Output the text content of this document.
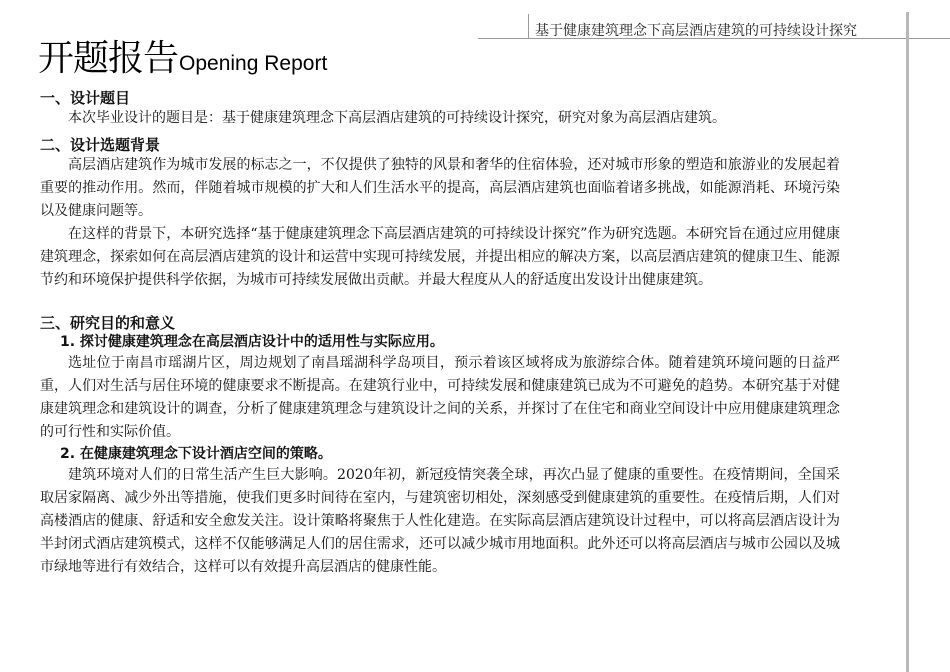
基于健康建筑理念下高层酒店建筑的可持续设计探究
开题报告Opening Report
一、设计题目

本次毕业设计的题目是：基于健康建筑理念下高层酒店建筑的可持续设计探究，研究对象为高层酒店建筑。

二、设计选题背景

高层酒店建筑作为城市发展的标志之一，不仅提供了独特的风景和奢华的住宿体验，还对城市形象的塑造和旅游业的发展起着重要的推动作用。然而，伴随着城市规模的扩大和人们生活水平的提高，高层酒店建筑也面临着诸多挑战，如能源消耗、环境污染以及健康问题等。

在这样的背景下，本研究选择“基于健康建筑理念下高层酒店建筑的可持续设计探究”作为研究选题。本研究旨在通过应用健康建筑理念，探索如何在高层酒店建筑的设计和运营中实现可持续发展，并提出相应的解决方案，以高层酒店建筑的健康卫生、能源节约和环境保护提供科学依据，为城市可持续发展做出贡献。并最大程度从人的舒适度出发设计出健康建筑。

三、研究目的和意义
1. 探讨健康建筑理念在高层酒店设计中的适用性与实际应用。

选址位于南昌市瑶湖片区，周边规划了南昌瑶湖科学岛项目，预示着该区域将成为旅游综合体。随着建筑环境问题的日益严重，人们对生活与居住环境的健康要求不断提高。在建筑行业中，可持续发展和健康建筑已成为不可避免的趋势。本研究基于对健康建筑理念和建筑设计的调查，分析了健康建筑理念与建筑设计之间的关系，并探讨了在住宅和商业空间设计中应用健康建筑理念的可行性和实际价值。

2. 在健康建筑理念下设计酒店空间的策略。

建筑环境对人们的日常生活产生巨大影响。2020年初，新冠疫情突袭全球，再次凸显了健康的重要性。在疫情期间，全国采取居家隔离、减少外出等措施，使我们更多时间待在室内，与建筑密切相处，深刻感受到健康建筑的重要性。在疫情后期，人们对高楼酒店的健康、舒适和安全愈发关注。设计策略将聚焦于人性化建造。在实际高层酒店建筑设计过程中，可以将高层酒店设计为半封闭式酒店建筑模式，这样不仅能够满足人们的居住需求，还可以减少城市用地面积。此外还可以将高层酒店与城市公园以及城市绿地等进行有效结合，这样可以有效提升高层酒店的健康性能。
